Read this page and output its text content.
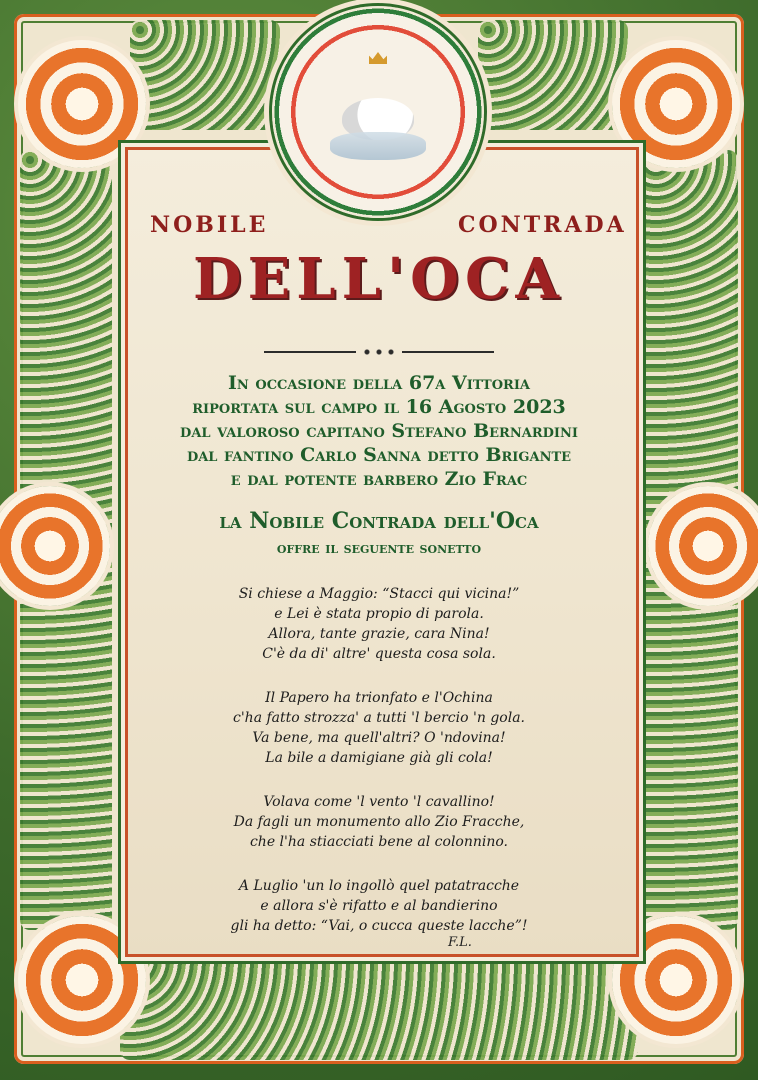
NOBILE	CONTRADA
DELL'OCA
In occasione della 67a Vittoria
riportata sul campo il 16 Agosto 2023
dal valoroso capitano Stefano Bernardini
dal fantino Carlo Sanna detto Brigante
e dal potente barbero Zio Frac
la Nobile Contrada dell'Oca
offre il seguente sonetto
Si chiese a Maggio: “Stacci qui vicina!”
e Lei è stata propio di parola.
Allora, tante grazie, cara Nina!
C'è da di' altre' questa cosa sola.
Il Papero ha trionfato e l'Ochina
c'ha fatto strozza' a tutti 'l bercio 'n gola.
Va bene, ma quell'altri? O 'ndovina!
La bile a damigiane già gli cola!
Volava come 'l vento 'l cavallino!
Da fagli un monumento allo Zio Fracche,
che l'ha stiacciati bene al colonnino.
A Luglio 'un lo ingollò quel patatracche
e allora s'è rifatto e al bandierino
gli ha detto: “Vai, o cucca queste lacche”!
F.L.
